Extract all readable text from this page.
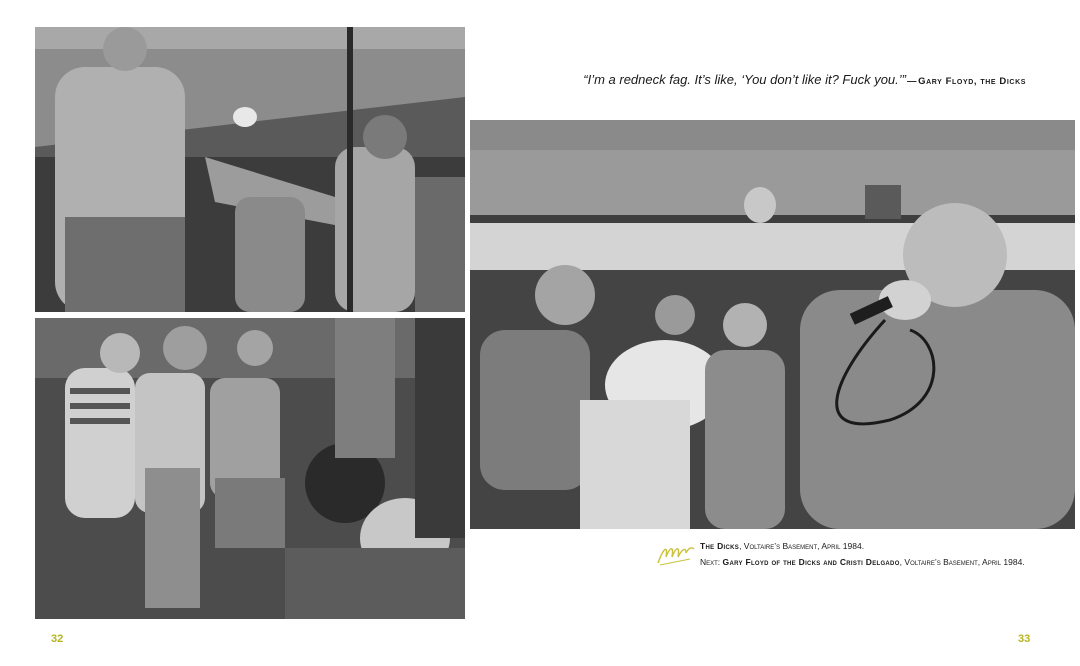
“I’m a redneck fag. It’s like, ‘You don’t like it? Fuck you.’”—Gary Floyd, the Dicks
The Dicks, Voltaire’s Basement, April 1984.
Next: Gary Floyd of the Dicks and Cristi Delgado, Voltaire’s Basement, April 1984.
32	33
